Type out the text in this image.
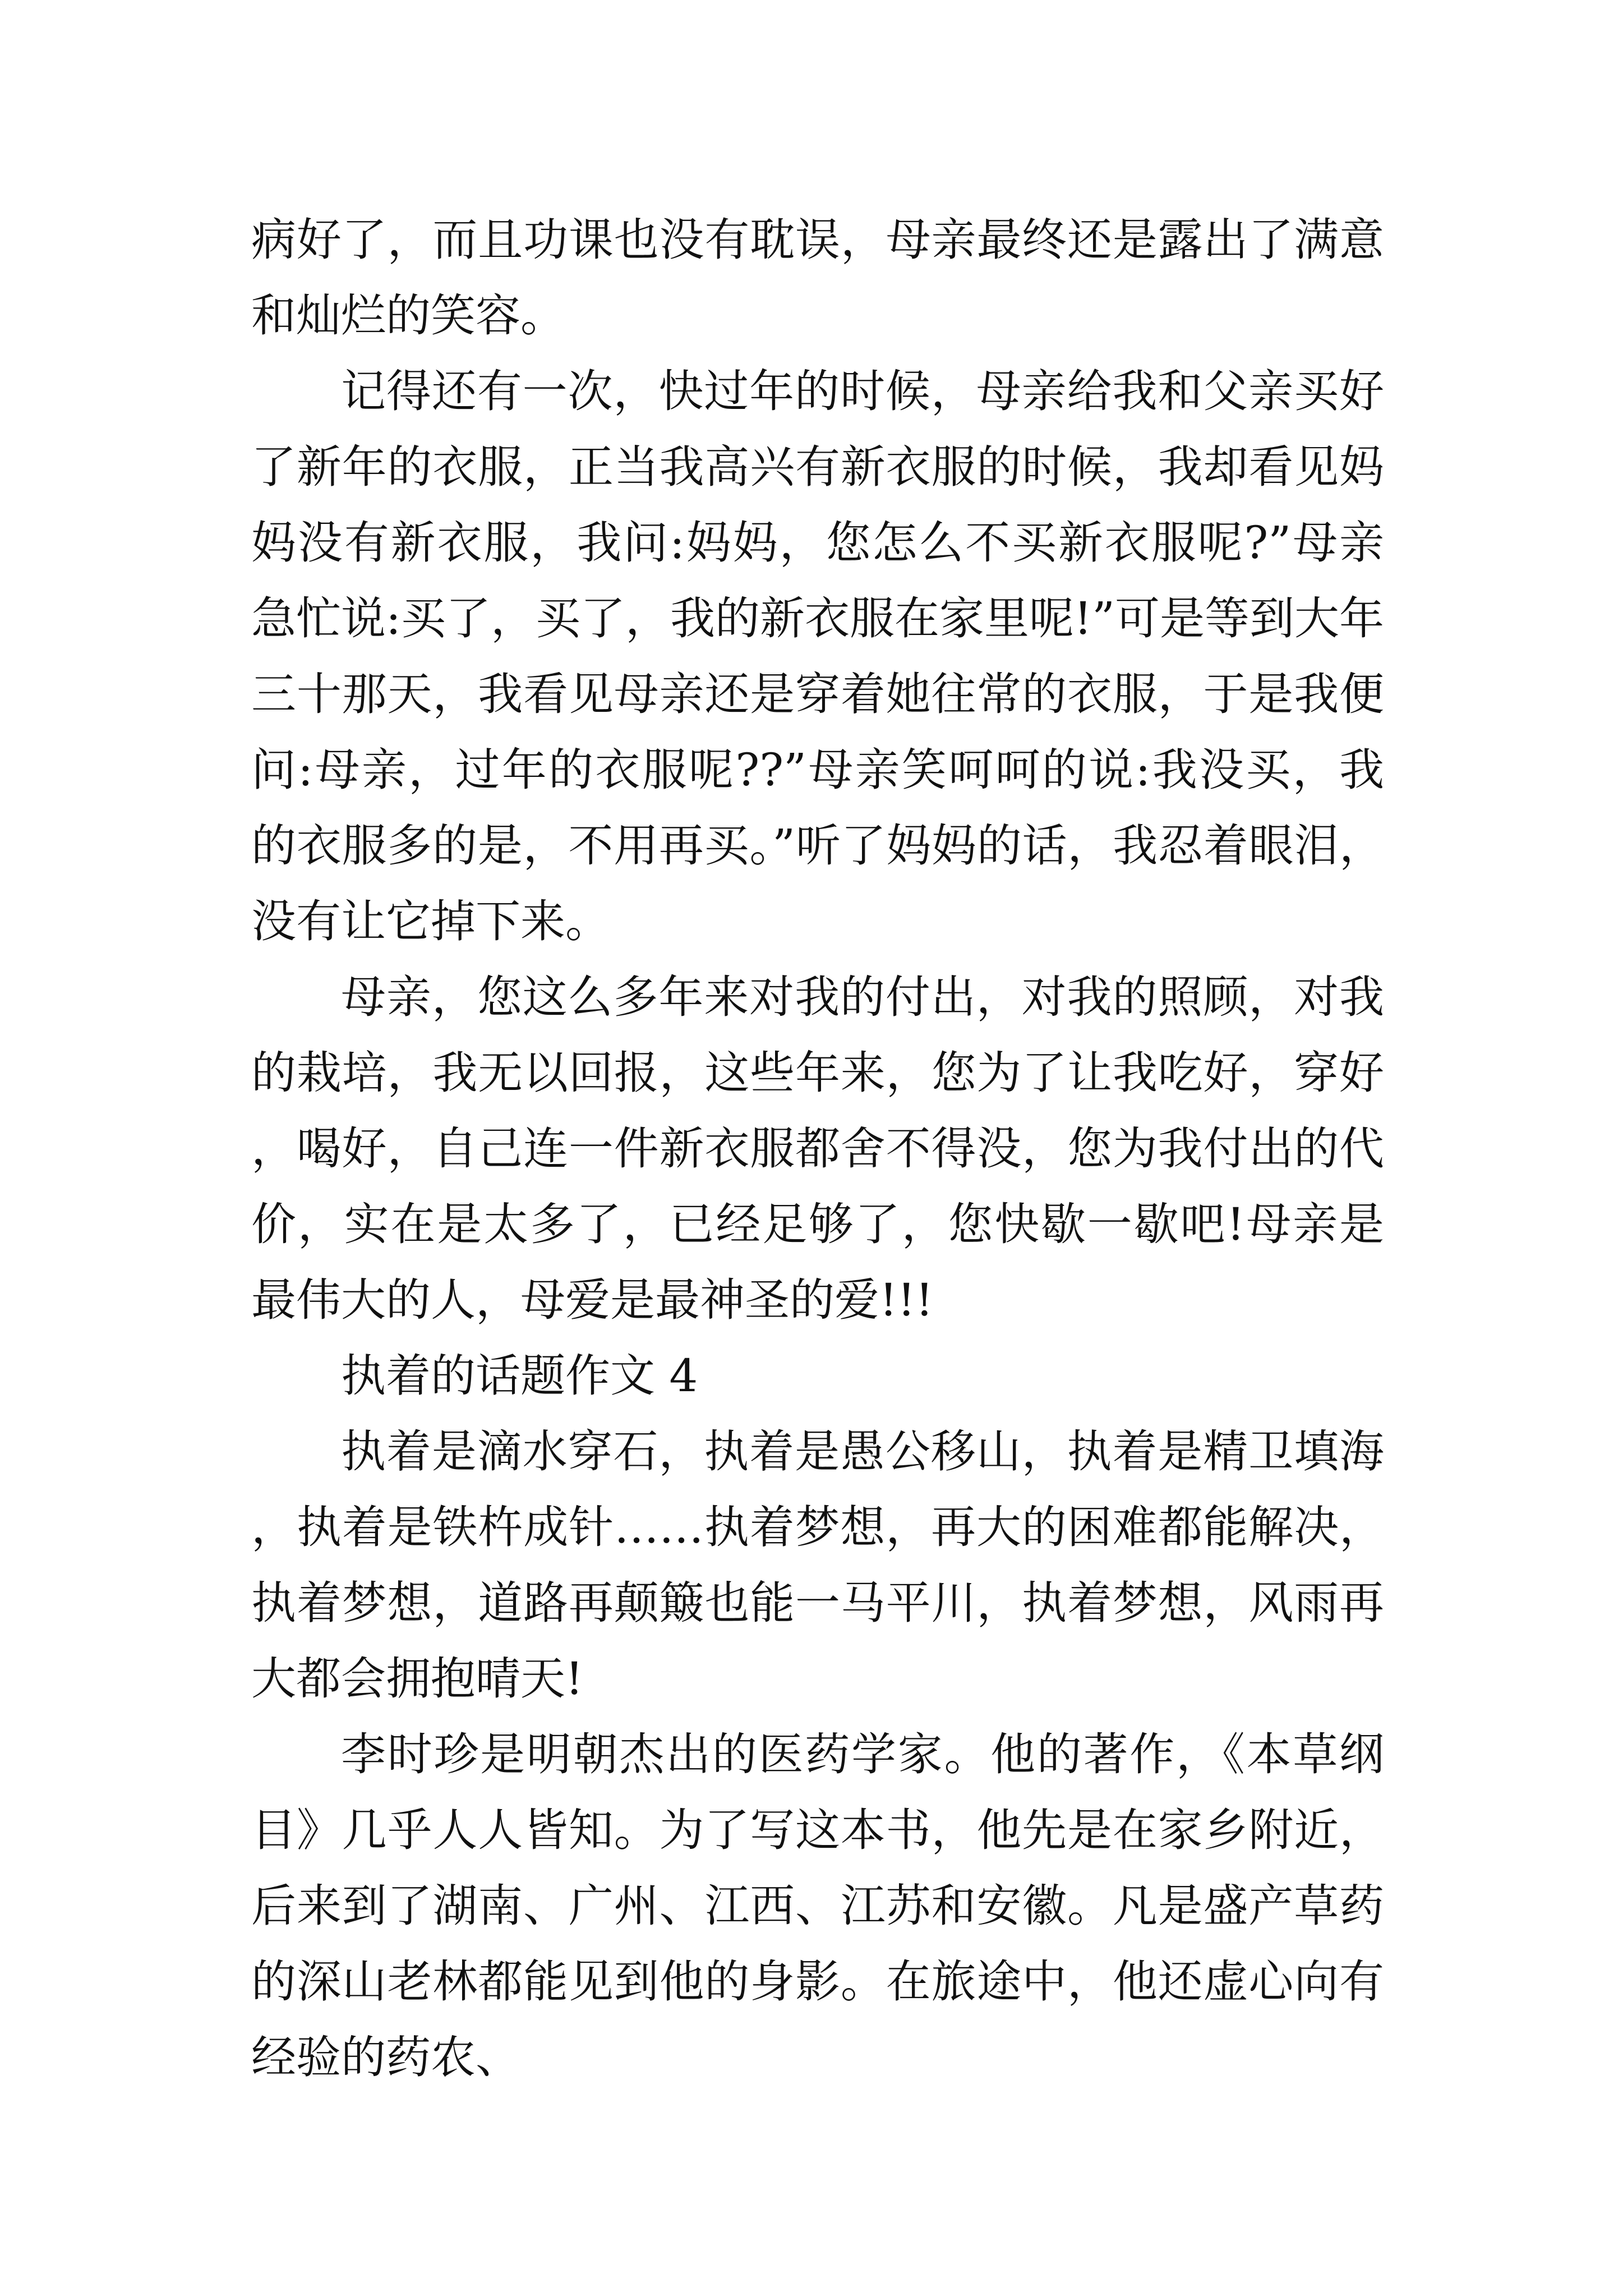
病好了，而且功课也没有耽误，母亲最终还是露出了满意和灿烂的笑容。

记得还有一次，快过年的时候，母亲给我和父亲买好了新年的衣服，正当我高兴有新衣服的时候，我却看见妈妈没有新衣服，我问:妈妈，您怎么不买新衣服呢?”母亲急忙说:买了，买了，我的新衣服在家里呢!”可是等到大年三十那天，我看见母亲还是穿着她往常的衣服，于是我便问:母亲，过年的衣服呢??”母亲笑呵呵的说:我没买，我的衣服多的是，不用再买。”听了妈妈的话，我忍着眼泪，没有让它掉下来。

母亲，您这么多年来对我的付出，对我的照顾，对我的栽培，我无以回报，这些年来，您为了让我吃好，穿好，喝好，自己连一件新衣服都舍不得没，您为我付出的代价，实在是太多了，已经足够了，您快歇一歇吧!母亲是最伟大的人，母爱是最神圣的爱!!!

执着的话题作文 4

执着是滴水穿石，执着是愚公移山，执着是精卫填海，执着是铁杵成针……执着梦想，再大的困难都能解决，执着梦想，道路再颠簸也能一马平川，执着梦想，风雨再大都会拥抱晴天!

李时珍是明朝杰出的医药学家。他的著作，《本草纲目》几乎人人皆知。为了写这本书，他先是在家乡附近，后来到了湖南、广州、江西、江苏和安徽。凡是盛产草药的深山老林都能见到他的身影。在旅途中，他还虚心向有经验的药农、
